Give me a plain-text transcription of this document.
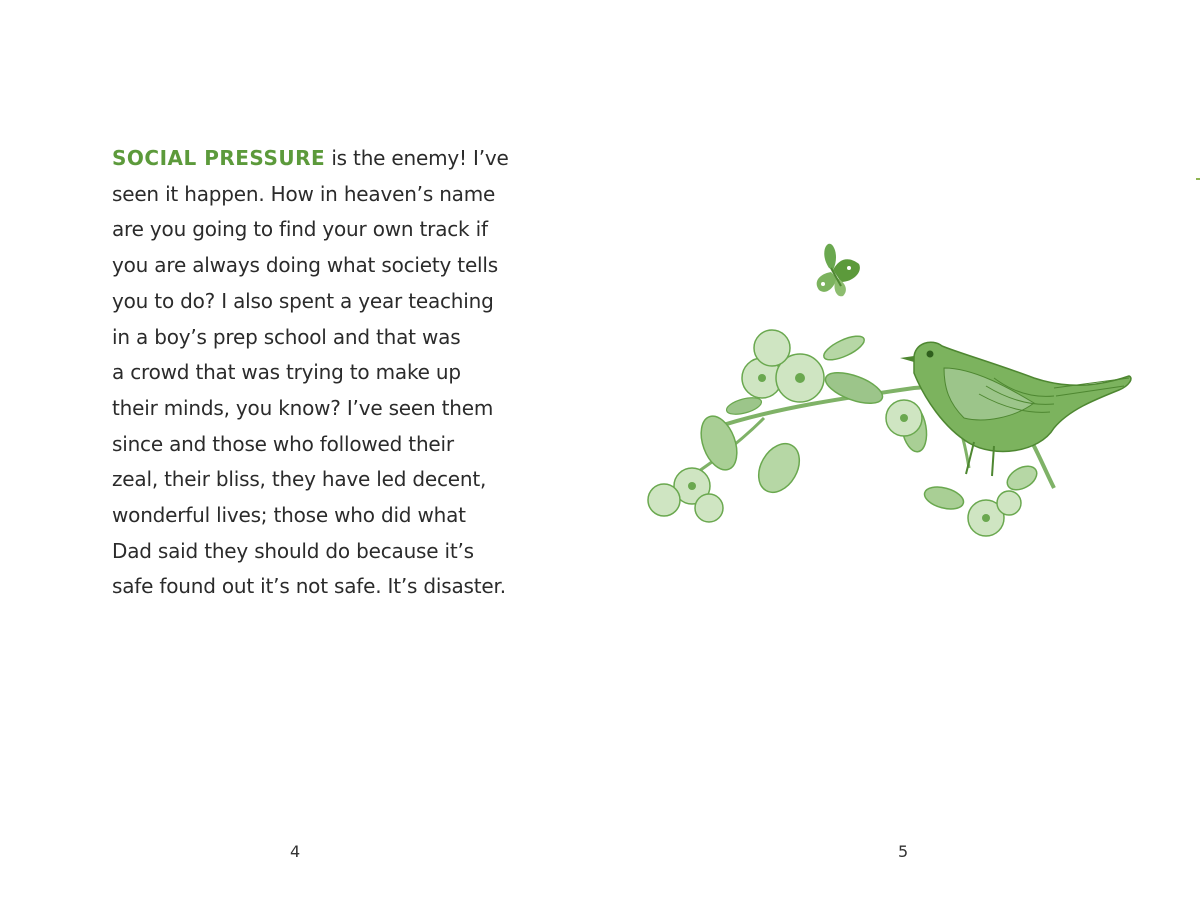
SOCIAL PRESSURE is the enemy! I’ve
seen it happen. How in heaven’s name
are you going to find your own track if
you are always doing what society tells
you to do? I also spent a year teaching
in a boy’s prep school and that was
a crowd that was trying to make up
their minds, you know? I’ve seen them
since and those who followed their
zeal, their bliss, they have led decent,
wonderful lives; those who did what
Dad said they should do because it’s
safe found out it’s not safe. It’s disaster.

4	5
